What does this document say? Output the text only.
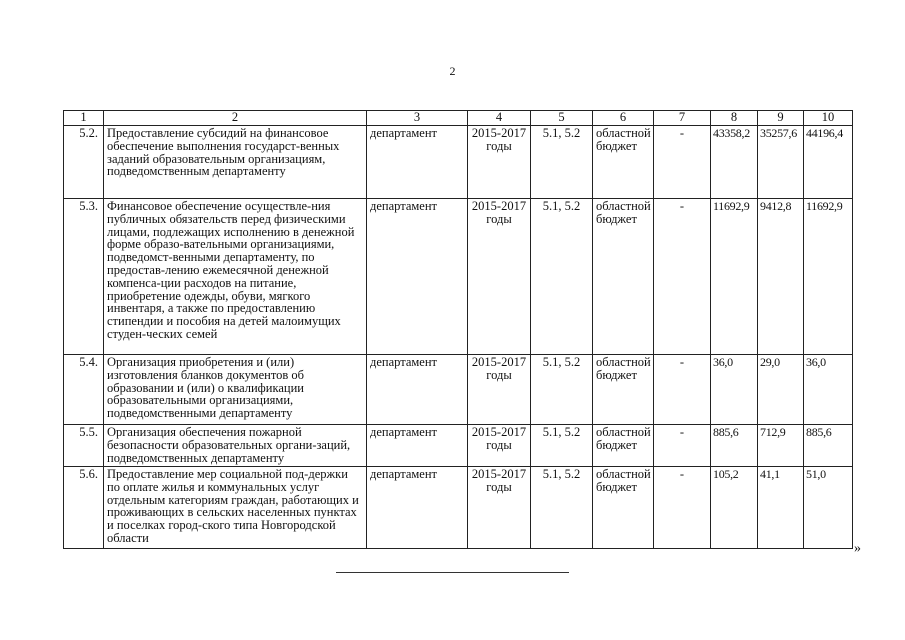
2
1	2	3	4	5	6	7	8	9	10
5.2.	Предоставление субсидий на финансовое обеспечение выполнения государст-венных заданий образовательным организациям, подведомственным департаменту	департамент	2015-2017 годы	5.1, 5.2	областной бюджет	-	43358,2	35257,6	44196,4
5.3.	Финансовое обеспечение осуществле-ния публичных обязательств перед физическими лицами, подлежащих исполнению в денежной форме образо-вательными организациями, подведомст-венными департаменту, по предостав-лению ежемесячной денежной компенса-ции расходов на питание, приобретение одежды, обуви, мягкого инвентаря, а также по предоставлению стипендии и пособия на детей малоимущих студен-ческих семей	департамент	2015-2017 годы	5.1, 5.2	областной бюджет	-	11692,9	9412,8	11692,9
5.4.	Организация приобретения и (или) изготовления бланков документов об образовании и (или) о квалификации образовательными организациями, подведомственными департаменту	департамент	2015-2017 годы	5.1, 5.2	областной бюджет	-	36,0	29,0	36,0
5.5.	Организация обеспечения пожарной безопасности образовательных органи-заций, подведомственных департаменту	департамент	2015-2017 годы	5.1, 5.2	областной бюджет	-	885,6	712,9	885,6
5.6.	Предоставление мер социальной под-держки по оплате жилья и коммунальных услуг отдельным категориям граждан, работающих и проживающих в сельских населенных пунктах и поселках город-ского типа Новгородской области	департамент	2015-2017 годы	5.1, 5.2	областной бюджет	-	105,2	41,1	51,0
»
